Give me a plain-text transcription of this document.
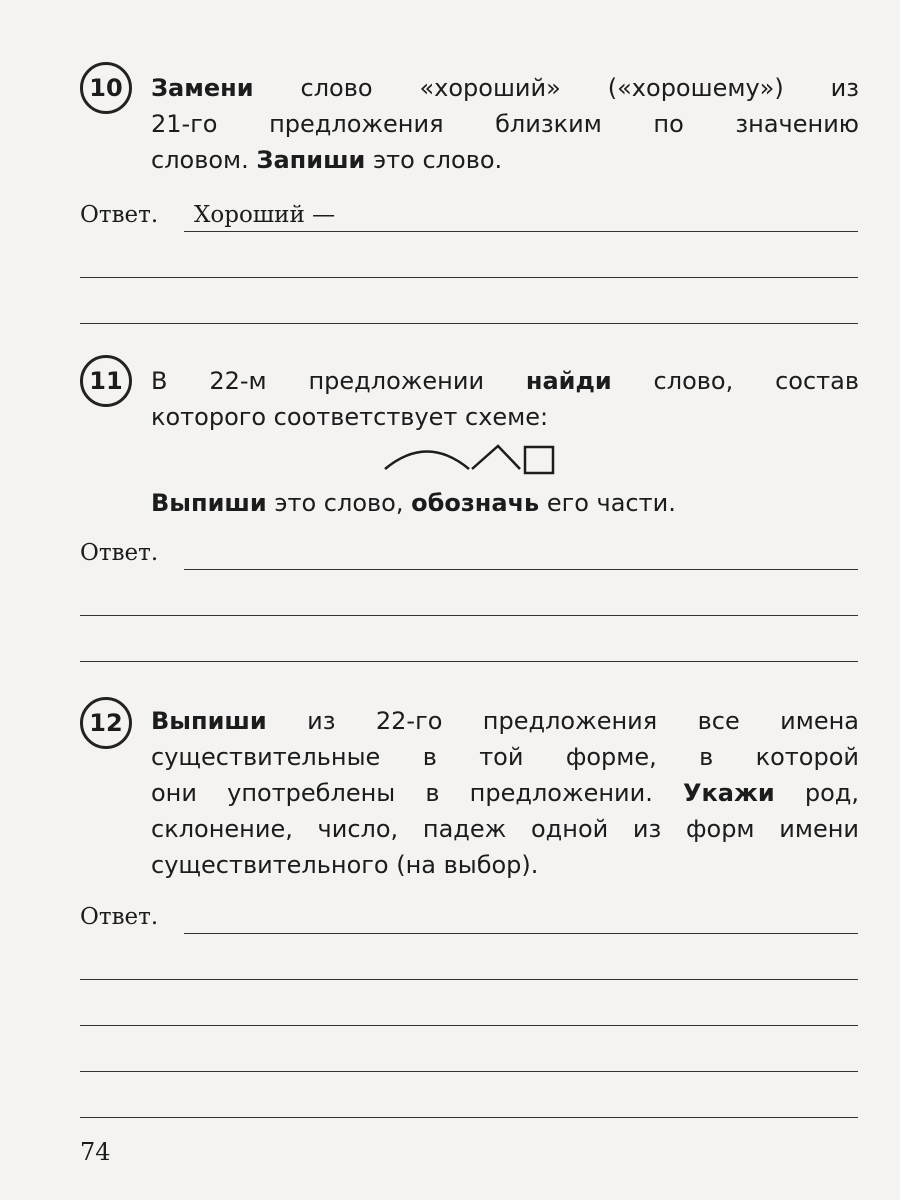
10	Замени слово «хороший» («хорошему») из
21-го предложения близким по значению
словом. Запиши это слово.
Ответ. Хороший —
11	В 22-м предложении найди слово, состав
которого соответствует схеме:
Выпиши это слово, обозначь его части.
Ответ.
12	Выпиши из 22-го предложения все имена
существительные в той форме, в которой
они употреблены в предложении. Укажи род,
склонение, число, падеж одной из форм имени
существительного (на выбор).
Ответ.
74
